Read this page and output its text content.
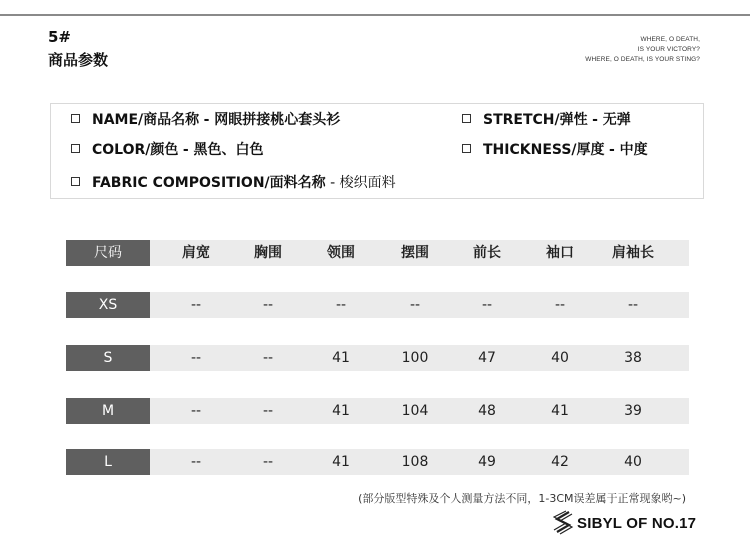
5#
商品参数
WHERE, O DEATH,
IS YOUR VICTORY?
WHERE, O DEATH, IS YOUR STING?
NAME/商品名称 - 网眼拼接桃心套头衫
COLOR/颜色 - 黑色、白色
FABRIC COMPOSITION/面料名称 - 梭织面料
STRETCH/弹性 - 无弹
THICKNESS/厚度 - 中度
尺码	肩宽	胸围	领围	摆围	前长	袖口	肩袖长
XS	--	--	--	--	--	--	--
S	--	--	41	100	47	40	38
M	--	--	41	104	48	41	39
L	--	--	41	108	49	42	40
(部分版型特殊及个人测量方法不同，1-3CM误差属于正常现象哟~)
SIBYL OF NO.17
